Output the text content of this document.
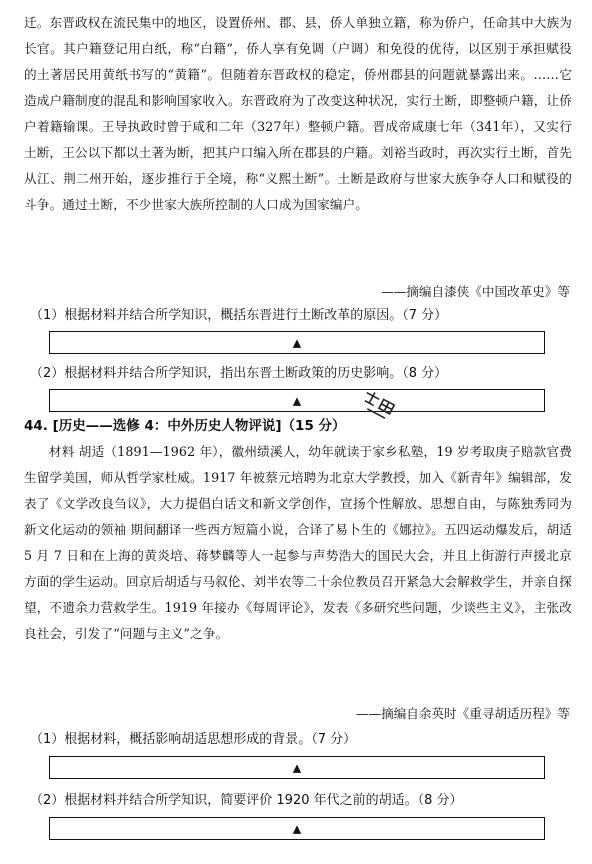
迁。东晋政权在流民集中的地区，设置侨州、郡、县，侨人单独立籍，称为侨户，任命其中大族为长官。其户籍登记用白纸，称“白籍”，侨人享有免调（户调）和免役的优待，以区别于承担赋役的土著居民用黄纸书写的“黄籍”。但随着东晋政权的稳定，侨州郡县的问题就暴露出来。……它造成户籍制度的混乱和影响国家收入。东晋政府为了改变这种状况，实行土断，即整顿户籍，让侨户着籍输课。王导执政时曾于咸和二年（327年）整顿户籍。晋成帝咸康七年（341年），又实行土断，王公以下都以土著为断，把其户口编入所在郡县的户籍。刘裕当政时，再次实行土断，首先从江、荆二州开始，逐步推行于全境，称“义熙土断”。土断是政府与世家大族争夺人口和赋役的斗争。通过土断，不少世家大族所控制的人口成为国家编户。

——摘编自漆侠《中国改革史》等
（1）根据材料并结合所学知识，概括东晋进行土断改革的原因。（7 分）
▲
（2）根据材料并结合所学知识，指出东晋土断政策的历史影响。（8 分）
▲
44. [历史——选修 4：中外历史人物评说]（15 分）

材料 胡适（1891—1962 年），徽州绩溪人，幼年就读于家乡私塾，19 岁考取庚子赔款官费生留学美国，师从哲学家杜威。1917 年被蔡元培聘为北京大学教授，加入《新青年》编辑部，发表了《文学改良刍议》，大力提倡白话文和新文学创作，宣扬个性解放、思想自由，与陈独秀同为新文化运动的领袖 期间翻译一些西方短篇小说，合译了易卜生的《娜拉》。五四运动爆发后，胡适 5 月 7 日和在上海的黄炎培、蒋梦麟等人一起参与声势浩大的国民大会，并且上街游行声援北京方面的学生运动。回京后胡适与马叙伦、刘半农等二十余位教员召开紧急大会解救学生，并亲自探望，不遗余力营救学生。1919 年接办《每周评论》，发表《多研究些问题，少谈些主义》，主张改良社会，引发了“问题与主义”之争。

——摘编自余英时《重寻胡适历程》等
（1）根据材料，概括影响胡适思想形成的背景。（7 分）
▲
（2）根据材料并结合所学知识，简要评价 1920 年代之前的胡适。（8 分）
▲
